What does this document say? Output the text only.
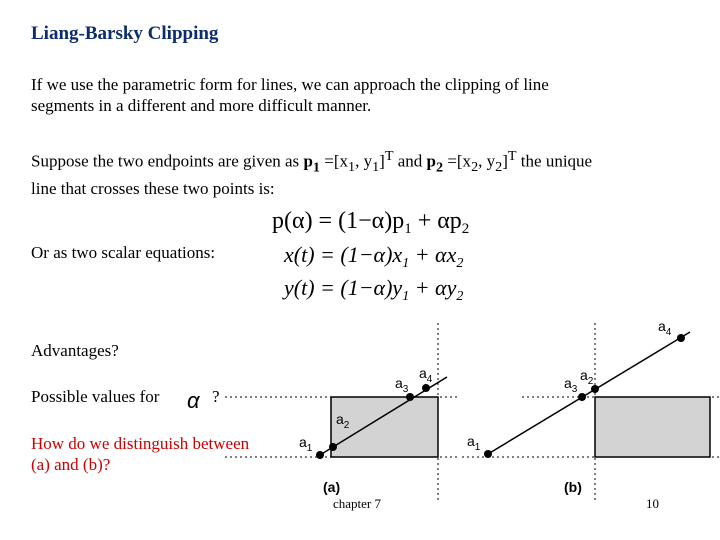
Liang-Barsky Clipping
If we use the parametric form for lines, we can approach the clipping of line
segments in a different and more difficult manner.
Suppose the two endpoints are given as $p_1 =[x_1$, $y_1]^T$ and $p_2 =[x_2$, $y_2]^T$ the unique
line that crosses these two points is:
$p(\alpha) = (1-\alpha)p_1 + \alpha p_2$
$x(t) = (1-\alpha)x_1 + \alpha x_2$
$y(t) = (1-\alpha)y_1 + \alpha y_2$
Or as two scalar equations:
Advantages?
Possible values for α ?
How do we distinguish between
(a) and (b)?
$a_1$
$a_2$
$a_3$
$a_4$
(a)
$a_1$
$a_3$
$a_2$
$a_4$
(b)
chapter 7	10
